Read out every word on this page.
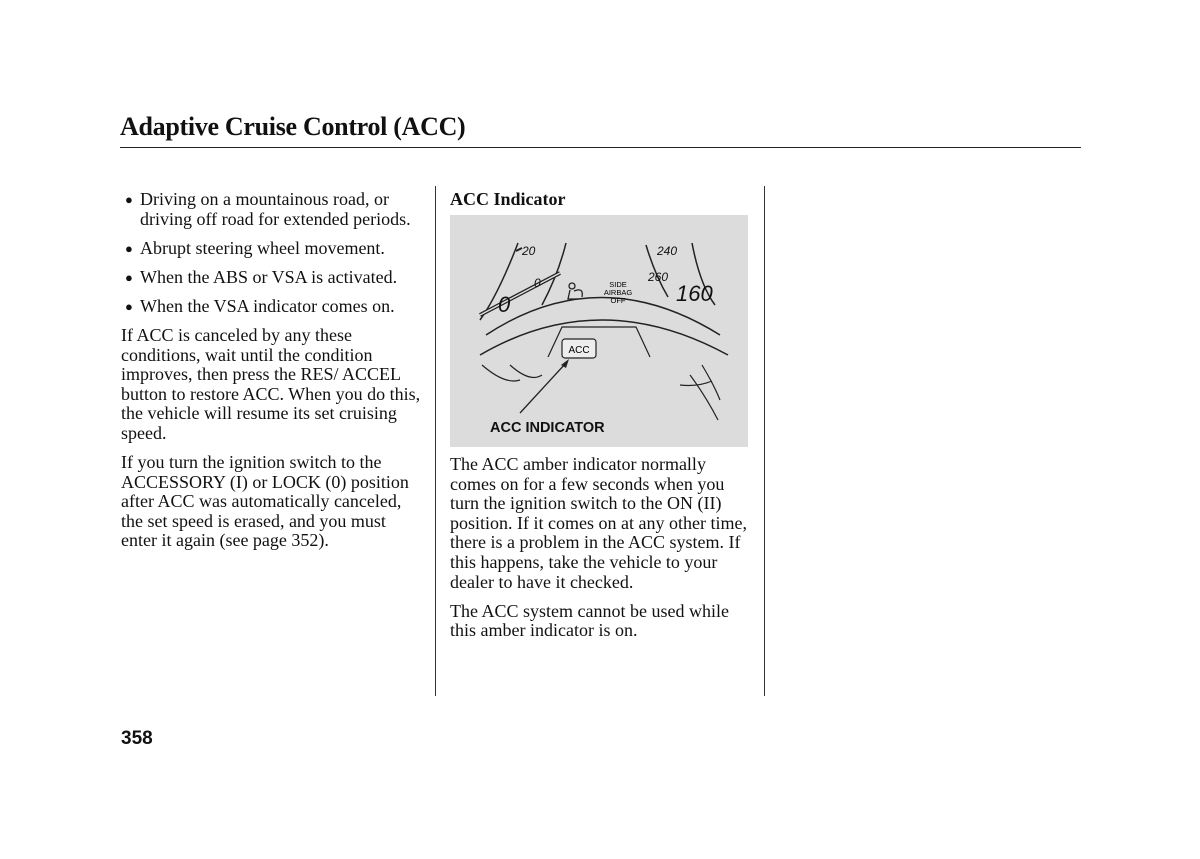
Adaptive Cruise Control (ACC)
● Driving on a mountainous road, or driving off road for extended periods.
● Abrupt steering wheel movement.
● When the ABS or VSA is activated.
● When the VSA indicator comes on.

If ACC is canceled by any these conditions, wait until the condition improves, then press the RES/ ACCEL button to restore ACC. When you do this, the vehicle will resume its set cruising speed.

If you turn the ignition switch to the ACCESSORY (I) or LOCK (0) position after ACC was automatically canceled, the set speed is erased, and you must enter it again (see page 352).

ACC Indicator
20
0
0
240
260
160
SIDE
AIRBAG
OFF
ACC
ACC INDICATOR

The ACC amber indicator normally comes on for a few seconds when you turn the ignition switch to the ON (II) position. If it comes on at any other time, there is a problem in the ACC system. If this happens, take the vehicle to your dealer to have it checked.

The ACC system cannot be used while this amber indicator is on.

358
